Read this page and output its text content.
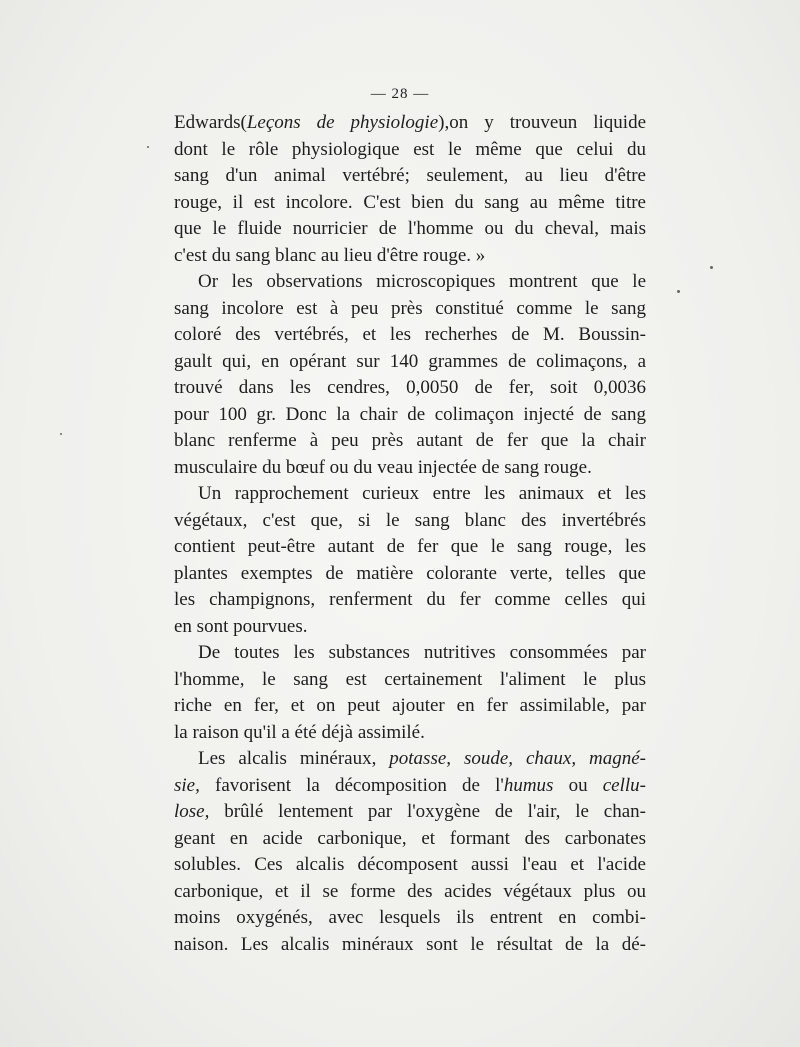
— 28 —
Edwards(Leçons de physiologie),on y trouveun liquide
dont le rôle physiologique est le même que celui du
sang d'un animal vertébré; seulement, au lieu d'être
rouge, il est incolore. C'est bien du sang au même titre
que le fluide nourricier de l'homme ou du cheval, mais
c'est du sang blanc au lieu d'être rouge. »
Or les observations microscopiques montrent que le
sang incolore est à peu près constitué comme le sang
coloré des vertébrés, et les recherhes de M. Boussin-
gault qui, en opérant sur 140 grammes de colimaçons, a
trouvé dans les cendres, 0,0050 de fer, soit 0,0036
pour 100 gr. Donc la chair de colimaçon injecté de sang
blanc renferme à peu près autant de fer que la chair
musculaire du bœuf ou du veau injectée de sang rouge.
Un rapprochement curieux entre les animaux et les
végétaux, c'est que, si le sang blanc des invertébrés
contient peut-être autant de fer que le sang rouge, les
plantes exemptes de matière colorante verte, telles que
les champignons, renferment du fer comme celles qui
en sont pourvues.
De toutes les substances nutritives consommées par
l'homme, le sang est certainement l'aliment le plus
riche en fer, et on peut ajouter en fer assimilable, par
la raison qu'il a été déjà assimilé.
Les alcalis minéraux, potasse, soude, chaux, magné-
sie, favorisent la décomposition de l'humus ou cellu-
lose, brûlé lentement par l'oxygène de l'air, le chan-
geant en acide carbonique, et formant des carbonates
solubles. Ces alcalis décomposent aussi l'eau et l'acide
carbonique, et il se forme des acides végétaux plus ou
moins oxygénés, avec lesquels ils entrent en combi-
naison. Les alcalis minéraux sont le résultat de la dé-
